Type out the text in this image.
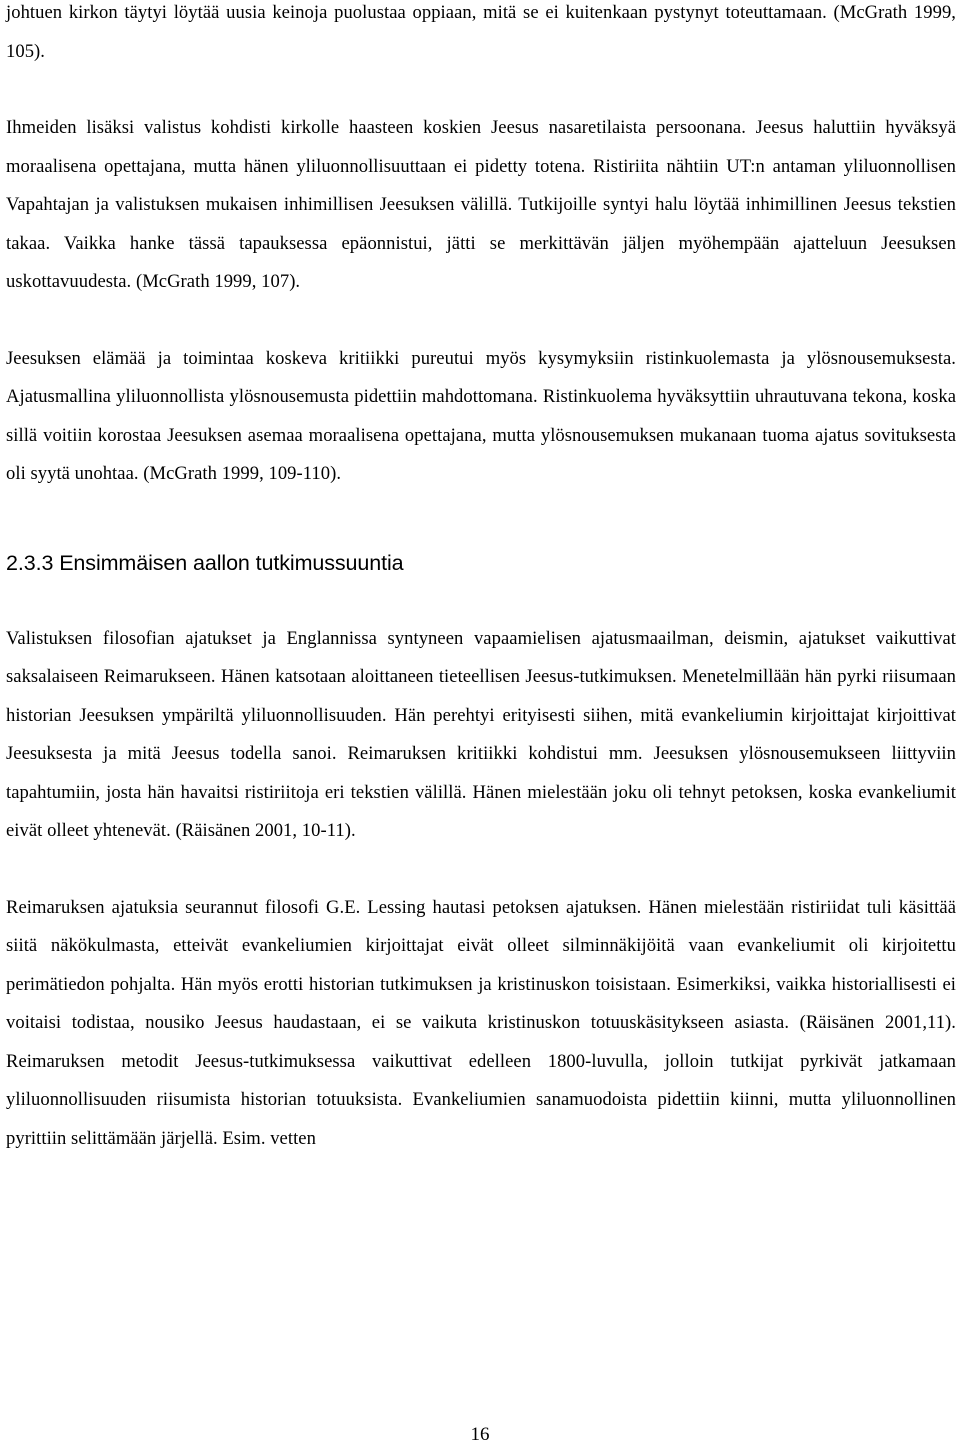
johtuen kirkon täytyi löytää uusia keinoja puolustaa oppiaan, mitä se ei kuitenkaan pystynyt toteuttamaan. (McGrath 1999, 105).

Ihmeiden lisäksi valistus kohdisti kirkolle haasteen koskien Jeesus nasaretilaista persoonana. Jeesus haluttiin hyväksyä moraalisena opettajana, mutta hänen yliluonnollisuuttaan ei pidetty totena. Ristiriita nähtiin UT:n antaman yliluonnollisen Vapahtajan ja valistuksen mukaisen inhimillisen Jeesuksen välillä. Tutkijoille syntyi halu löytää inhimillinen Jeesus tekstien takaa. Vaikka hanke tässä tapauksessa epäonnistui, jätti se merkittävän jäljen myöhempään ajatteluun Jeesuksen uskottavuudesta. (McGrath 1999, 107).

Jeesuksen elämää ja toimintaa koskeva kritiikki pureutui myös kysymyksiin ristinkuolemasta ja ylösnousemuksesta. Ajatusmallina yliluonnollista ylösnousemusta pidettiin mahdottomana. Ristinkuolema hyväksyttiin uhrautuvana tekona, koska sillä voitiin korostaa Jeesuksen asemaa moraalisena opettajana, mutta ylösnousemuksen mukanaan tuoma ajatus sovituksesta oli syytä unohtaa. (McGrath 1999, 109-110).

2.3.3 Ensimmäisen aallon tutkimussuuntia

Valistuksen filosofian ajatukset ja Englannissa syntyneen vapaamielisen ajatusmaailman, deismin, ajatukset vaikuttivat saksalaiseen Reimarukseen. Hänen katsotaan aloittaneen tieteellisen Jeesus-tutkimuksen. Menetelmillään hän pyrki riisumaan historian Jeesuksen ympäriltä yliluonnollisuuden. Hän perehtyi erityisesti siihen, mitä evankeliumin kirjoittajat kirjoittivat Jeesuksesta ja mitä Jeesus todella sanoi. Reimaruksen kritiikki kohdistui mm. Jeesuksen ylösnousemukseen liittyviin tapahtumiin, josta hän havaitsi ristiriitoja eri tekstien välillä. Hänen mielestään joku oli tehnyt petoksen, koska evankeliumit eivät olleet yhtenevät. (Räisänen 2001, 10-11).

Reimaruksen ajatuksia seurannut filosofi G.E. Lessing hautasi petoksen ajatuksen. Hänen mielestään ristiriidat tuli käsittää siitä näkökulmasta, etteivät evankeliumien kirjoittajat eivät olleet silminnäkijöitä vaan evankeliumit oli kirjoitettu perimätiedon pohjalta. Hän myös erotti historian tutkimuksen ja kristinuskon toisistaan. Esimerkiksi, vaikka historiallisesti ei voitaisi todistaa, nousiko Jeesus haudastaan, ei se vaikuta kristinuskon totuuskäsitykseen asiasta. (Räisänen 2001,11). Reimaruksen metodit Jeesus-tutkimuksessa vaikuttivat edelleen 1800-luvulla, jolloin tutkijat pyrkivät jatkamaan yliluonnollisuuden riisumista historian totuuksista. Evankeliumien sanamuodoista pidettiin kiinni, mutta yliluonnollinen pyrittiin selittämään järjellä. Esim. vetten

16
